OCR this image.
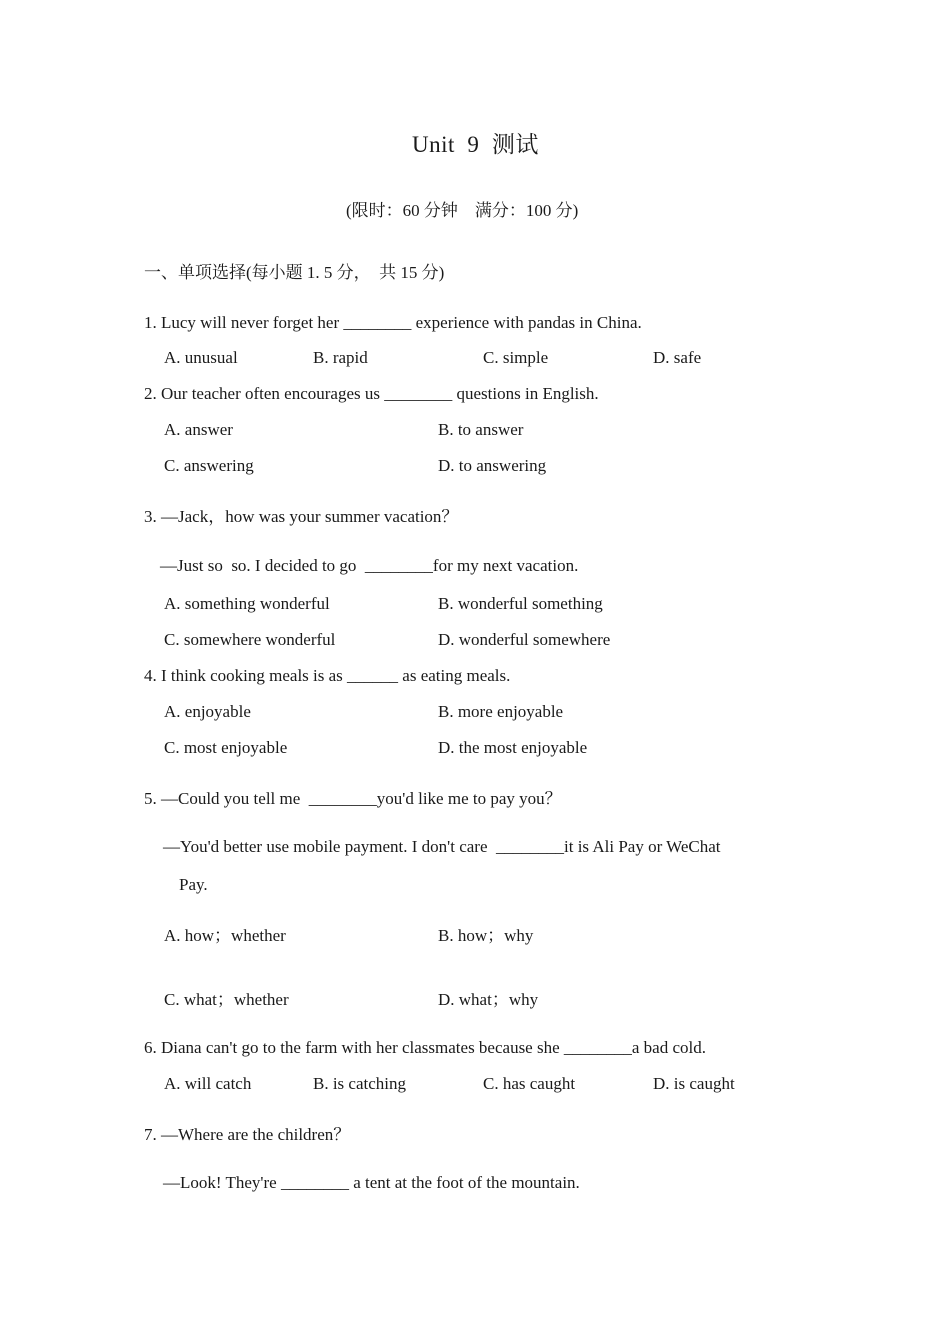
Unit  9  测试
(限时：60 分钟    满分：100 分)
一、单项选择(每小题 1. 5 分，  共 15 分)
1. Lucy will never forget her ________ experience with pandas in China.
A. unusual	B. rapid	C. simple	D. safe
2. Our teacher often encourages us ________ questions in English.
A. answer	B. to answer
C. answering	D. to answering
3. —Jack，how was your summer vacation？
—Just so  so. I decided to go  ________for my next vacation.
A. something wonderful	B. wonderful something
C. somewhere wonderful	D. wonderful somewhere
4. I think cooking meals is as ______ as eating meals.
A. enjoyable	B. more enjoyable
C. most enjoyable	D. the most enjoyable
5. —Could you tell me  ________you'd like me to pay you？
—You'd better use mobile payment. I don't care  ________it is Ali Pay or WeChat
Pay.
A. how；whether	B. how；why
C. what；whether	D. what；why
6. Diana can't go to the farm with her classmates because she ________a bad cold.
A. will catch	B. is catching	C. has caught	D. is caught
7. —Where are the children？
—Look! They're ________ a tent at the foot of the mountain.
